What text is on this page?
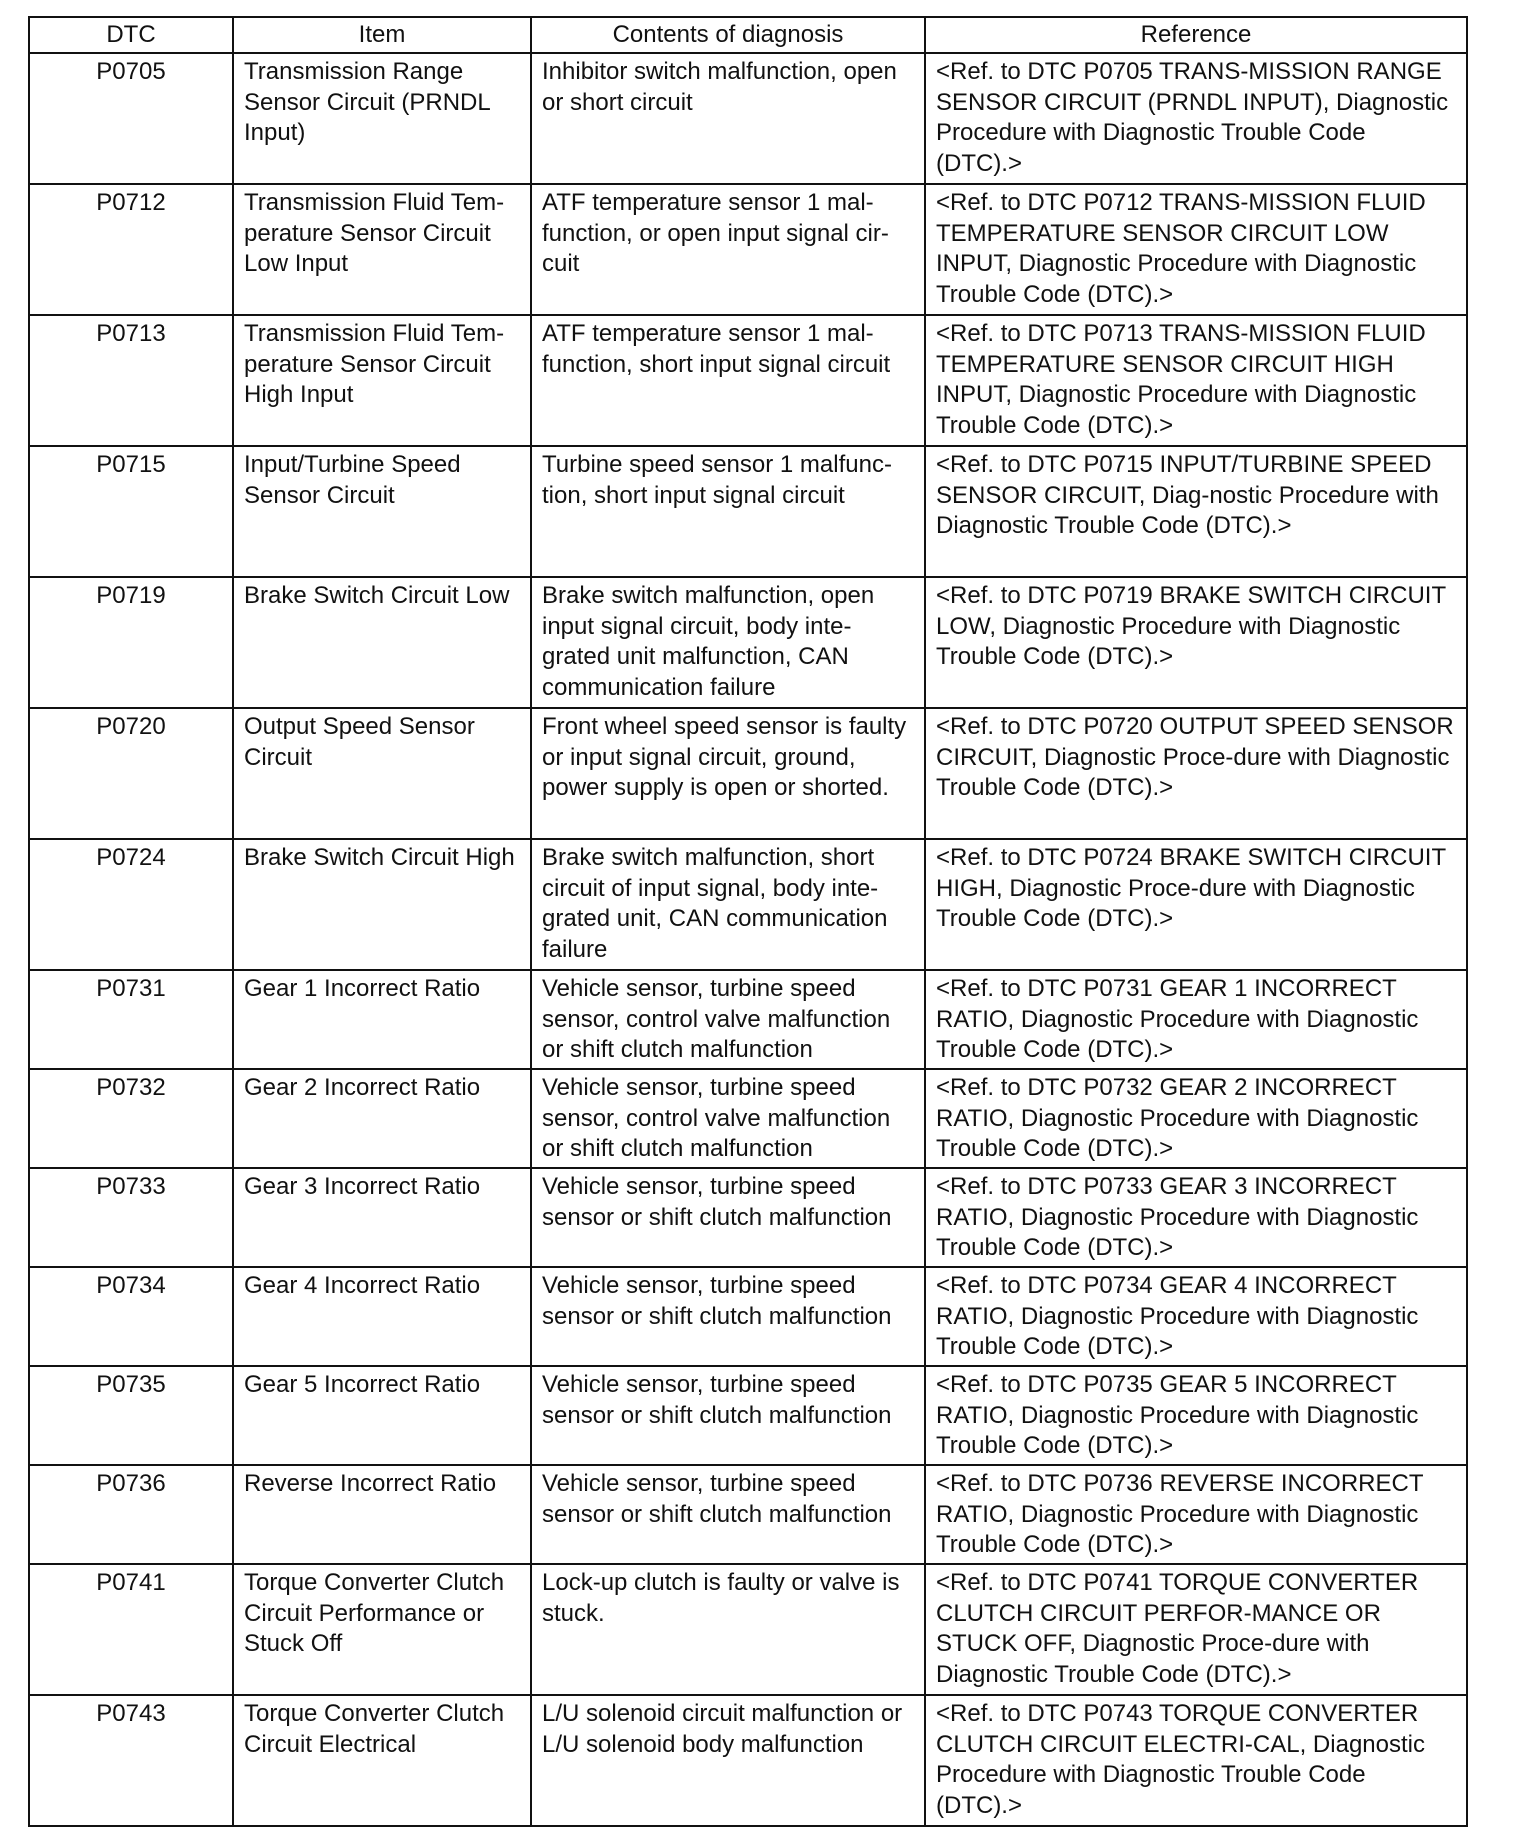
DTC	Item	Contents of diagnosis	Reference
P0705	Transmission Range Sensor Circuit (PRNDL Input)	Inhibitor switch malfunction, open or short circuit	<Ref. to DTC P0705 TRANS-MISSION RANGE SENSOR CIRCUIT (PRNDL INPUT), Diagnostic Procedure with Diagnostic Trouble Code (DTC).>
P0712	Transmission Fluid Tem-perature Sensor Circuit Low Input	ATF temperature sensor 1 mal-function, or open input signal cir-cuit	<Ref. to DTC P0712 TRANS-MISSION FLUID TEMPERATURE SENSOR CIRCUIT LOW INPUT, Diagnostic Procedure with Diagnostic Trouble Code (DTC).>
P0713	Transmission Fluid Tem-perature Sensor Circuit High Input	ATF temperature sensor 1 mal-function, short input signal circuit	<Ref. to DTC P0713 TRANS-MISSION FLUID TEMPERATURE SENSOR CIRCUIT HIGH INPUT, Diagnostic Procedure with Diagnostic Trouble Code (DTC).>
P0715	Input/Turbine Speed Sensor Circuit	Turbine speed sensor 1 malfunc-tion, short input signal circuit	<Ref. to DTC P0715 INPUT/TURBINE SPEED SENSOR CIRCUIT, Diag-nostic Procedure with Diagnostic Trouble Code (DTC).>
P0719	Brake Switch Circuit Low	Brake switch malfunction, open input signal circuit, body inte-grated unit malfunction, CAN communication failure	<Ref. to DTC P0719 BRAKE SWITCH CIRCUIT LOW, Diagnostic Procedure with Diagnostic Trouble Code (DTC).>
P0720	Output Speed Sensor Circuit	Front wheel speed sensor is faulty or input signal circuit, ground, power supply is open or shorted.	<Ref. to DTC P0720 OUTPUT SPEED SENSOR CIRCUIT, Diagnostic Proce-dure with Diagnostic Trouble Code (DTC).>
P0724	Brake Switch Circuit High	Brake switch malfunction, short circuit of input signal, body inte-grated unit, CAN communication failure	<Ref. to DTC P0724 BRAKE SWITCH CIRCUIT HIGH, Diagnostic Proce-dure with Diagnostic Trouble Code (DTC).>
P0731	Gear 1 Incorrect Ratio	Vehicle sensor, turbine speed sensor, control valve malfunction or shift clutch malfunction	<Ref. to DTC P0731 GEAR 1 INCORRECT RATIO, Diagnostic Procedure with Diagnostic Trouble Code (DTC).>
P0732	Gear 2 Incorrect Ratio	Vehicle sensor, turbine speed sensor, control valve malfunction or shift clutch malfunction	<Ref. to DTC P0732 GEAR 2 INCORRECT RATIO, Diagnostic Procedure with Diagnostic Trouble Code (DTC).>
P0733	Gear 3 Incorrect Ratio	Vehicle sensor, turbine speed sensor or shift clutch malfunction	<Ref. to DTC P0733 GEAR 3 INCORRECT RATIO, Diagnostic Procedure with Diagnostic Trouble Code (DTC).>
P0734	Gear 4 Incorrect Ratio	Vehicle sensor, turbine speed sensor or shift clutch malfunction	<Ref. to DTC P0734 GEAR 4 INCORRECT RATIO, Diagnostic Procedure with Diagnostic Trouble Code (DTC).>
P0735	Gear 5 Incorrect Ratio	Vehicle sensor, turbine speed sensor or shift clutch malfunction	<Ref. to DTC P0735 GEAR 5 INCORRECT RATIO, Diagnostic Procedure with Diagnostic Trouble Code (DTC).>
P0736	Reverse Incorrect Ratio	Vehicle sensor, turbine speed sensor or shift clutch malfunction	<Ref. to DTC P0736 REVERSE INCORRECT RATIO, Diagnostic Procedure with Diagnostic Trouble Code (DTC).>
P0741	Torque Converter Clutch Circuit Performance or Stuck Off	Lock-up clutch is faulty or valve is stuck.	<Ref. to DTC P0741 TORQUE CONVERTER CLUTCH CIRCUIT PERFOR-MANCE OR STUCK OFF, Diagnostic Proce-dure with Diagnostic Trouble Code (DTC).>
P0743	Torque Converter Clutch Circuit Electrical	L/U solenoid circuit malfunction or L/U solenoid body malfunction	<Ref. to DTC P0743 TORQUE CONVERTER CLUTCH CIRCUIT ELECTRI-CAL, Diagnostic Procedure with Diagnostic Trouble Code (DTC).>
